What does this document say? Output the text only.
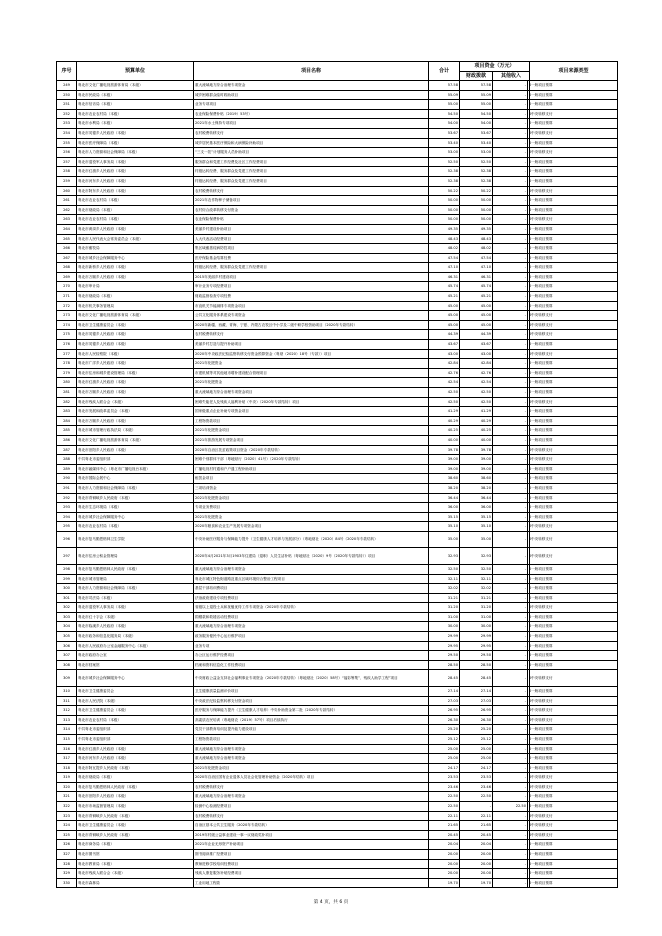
序号	预算单位	项目名称	合计	项目资金（万元）			项目来源类型
				财政拨款	其他收入		
249	粤北市文化广播电视旅游体育局（本级）	重大流域地方综合治理专项资金	57.58	57.58	-	0	一般项目预算
250	粤北市民政局（本级）	城乡困难群众临时救助项目	55.09	55.09	-	0	一般项目预算
251	粤北市信访局（本级）	业务专项项目	55.00	55.00	-	0	一般项目预算
252	粤北市农业农村局（本级）	农业保险保费补贴（2019）53号）	54.50	54.50	-	0	中央转移支付
253	粤北市水利局（本级）	2021年水土保持专项项目	54.00	54.00	-	0	一般项目预算
254	粤北市英德乡人民政府（本级）	农村税费转移支付	53.67	53.67	-	0	中央转移支付
255	粤北市医疗保障局（本级）	城乡居民基本医疗保险和大病保险补助项目	53.40	53.40	-	0	一般项目预算
256	粤北市人力资源和社会保障局（本级）	“三支一扶”计划服务人员补助项目	53.00	53.00	-	0	中央转移支付
257	粤北市退役军人事务局（本级）	服务群众和党建工作经费及社区工作经费项目	52.50	52.50	-	0	一般项目预算
258	粤北市红旗乡人民政府（本级）	村级运转经费、服务群众及党建工作经费项目	52.38	52.38	-	0	一般项目预算
259	粤北市河东乡人民政府（本级）	村级运转经费、服务群众及党建工作经费项目	52.38	52.38	-	0	一般项目预算
260	粤北市阿东乡人民政府（本级）	农村税费转移支付	50.22	50.22	-	0	中央转移支付
261	粤北市农业农村局（本级）	2021年农作物种子储备项目	50.00	50.00	-	0	一般项目预算
262	粤北市财政局（本级）	农村综合改革转移支付资金	50.00	50.00	-	0	一般项目预算
263	粤北市农业农村局（本级）	农业保险保费补贴	50.00	50.00	-	0	中央转移支付
264	粤北市黄岗乡人民政府（本级）	美丽乡村建设补助项目	49.35	49.35	-	0	一般项目预算
265	粤北市人民代表大会常务委员会（本级）	人大代表活动经费项目	48.43	48.43	-	0	一般项目预算
266	粤北市畜牧局	集区域畜禽疫病防控项目	48.02	48.02	-	0	一般项目预算
267	粤北市城乡社会保障服务中心	医疗保险基金结算经费	47.54	47.54	-	0	一般项目预算
268	粤北市新桥乡人民政府（本级）	村级运转经费、服务群众及党建工作经费项目	47.10	47.10	-	0	一般项目预算
269	粤北市万顺乡人民政府（本级）	2015年美丽乡村建设项目	46.31	46.31	-	0	一般项目预算
270	粤北市审计局	审计业务专项经费项目	45.74	45.74	-	0	一般项目预算
271	粤北市财政局（本级）	财政监督检查专项经费	45.21	45.21	-	0	一般项目预算
272	粤北市机关事务管理局	市直机关节能减排专项资金项目	45.00	45.00	-	0	一般项目预算
273	粤北市文化广播电视旅游体育局（本级）	公共文化服务体系建设专项资金	45.00	45.00	-	0	中央转移支付
274	粤北市卫生健康委员会（本级）	2020年新疆、西藏、青海、宁夏、内蒙古农牧区中小学及二级中职学校资助项目（2020年专款结转）	45.00	45.00	-	0	中央转移支付
275	粤北市英德乡人民政府（本级）	农村税费转移支付	44.39	44.39	-	0	中央转移支付
276	粤北市英德乡人民政府（本级）	美丽乡村打造与提升补助项目	43.67	43.67	-	0	一般项目预算
277	粤北市人民检察院（本级）	2020年中央政法纪检监察转移支付资金预算资金（粤财（2020）18号（专款））项目	43.00	43.00	-	0	中央转移支付
278	粤北市广洋乡人民政府（本级）	2021年化肥资金	42.84	42.84	-	0	一般项目预算
279	粤北市住房和城乡建设管理局（本级）	市建机械等对其他地市增补建设配合管理项目	42.76	42.76	-	0	一般项目预算
280	粤北市红旗乡人民政府（本级）	2021年化肥资金	42.54	42.54	-	0	一般项目预算
281	粤北市万顺乡人民政府（本级）	重大流域地方综合治理专项资金项目	42.50	42.50	-	0	一般项目预算
282	粤北市残疾人联合会（本级）	困难失能老人及残疾人福利补贴（中央）（2020年专款结转）项目	42.50	42.50	-	0	中央转移支付
283	粤北市发展和改革委员会（本级）	国家级重点企业补助专项资金项目	41.29	41.29	-	0	一般项目预算
284	粤北市万顺乡人民政府（本级）	工程物资款项目	40.29	40.29	-	0	一般项目预算
285	粤北市城市管理行政执法局（本级）	2021年化肥资金项目	40.25	40.25	-	0	一般项目预算
286	粤北市文化广播电视旅游体育局（本级）	2021年旅游发展专项资金项目	40.00	40.00	-	0	一般项目预算
287	粤北市崇阳乡人民政府（本级）	2020年自治区扶贫政策项目资金（2020年专款结转）	39.78	39.78	-	0	中央转移支付
288	中共粤北市委组织部	困难个别群体干部（粤地财行（2020）41号）（2020年专款结转）	39.00	39.00	-	0	中央转移支付
289	粤北市融媒体中心（粤北市广播电视台本级）	广播电视村村通和户户通工程补助项目	39.00	39.00	-	0	一般项目预算
290	粤北市国际会展中心	租赁金项目	38.60	38.60	-	0	一般项目预算
291	粤北市人力资源和社会保障局（本级）	三项培训资金	38.20	38.20	-	0	一般项目预算
292	粤北市青铜峡乡人民政府（本级）	2021年化肥资金项目	36.44	36.44	-	0	一般项目预算
293	粤北市生态环境局（本级）	专项业务费项目	36.00	36.00	-	0	一般项目预算
294	粤北市城乡社会保障服务中心	2021年化肥资金	35.15	35.15	-	0	一般项目预算
295	粤北市农业农村局（本级）	2020年粮食和农业生产发展专项资金项目	35.10	35.10	-	0	中央转移支付
296	粤北市复马勤恩格林卫生学院	中央补助医疗服务与保障能力提升（卫生健康人才培养与发展部分）（粤地财社（2020）84号（2020年专款结转）	35.00	35.00	-	0	中央转移支付
297	粤北市住房公积金管理局	2020年4月2021年3月1903年住建局（退职）人员生活补贴（粤地财社（2020）9号（2020年专款结转））项目	32.93	32.93	-	0	中央转移支付
298	粤北市复马勤恩格林人民政府（本级）	重大流域地方综合治理专项资金	32.50	32.50	-	0	一般项目预算
299	粤北市城市管理局	粤北市城区特色街道路及重点区域环境综合整治工程项目	32.11	32.11	-	0	一般项目预算
300	粤北市人力资源和社会保障局（本级）	基层干部培训费项目	32.02	32.02	-	0	一般项目预算
301	粤北市司法局（本级）	法治政府建设专项经费项目	31.21	31.21	-	0	一般项目预算
302	粤北市退役军人事务局（本级）	省级以上退役士兵和抚恤优待工作专项资金（2020年专款结转）	31.20	31.20	-	0	中央转移支付
303	粤北市红十字会（本级）	捐赠款和救援活动经费项目	31.00	31.00	-	0	一般项目预算
304	粤北市临溪乡人民政府（本级）	重大流域地方综合治理专项资金	30.00	30.00	-	0	一般项目预算
305	粤北市政务和信息化服务局（本级）	政务服务便民中心运行维护项目	29.99	29.99	-	0	一般项目预算
306	粤北市人民政府办公室金融服务中心（本级）	业务专项	29.95	29.95	-	0	一般项目预算
307	粤北市政府办公室	办公区运行维护经费项目	29.50	29.50	-	0	一般项目预算
308	粤北市档案馆	档案和资料信息化工作经费项目	28.50	28.50	-	0	一般项目预算
309	粤北市城乡社会保障服务中心	中央财政公益金支持社会福利事业专项资金（2020年专款结转）（粤地财社（2020）58号）“福彩筹集”、残疾人助学工程”项目	28.45	28.45	-	0	中央转移支付
310	粤北市卫生健康委员会	卫生健康质量监测评价项目	27.14	27.14	-	0	一般项目预算
311	粤北市人民法院（本级）	中央政法纪检监察转移支付资金项目	27.03	27.03	-	0	中央转移支付
312	粤北市卫生健康委员会（本级）	医疗服务与保障能力提升（卫生健康人才培养）中央补助资金第二批（2020年专款结转）	26.95	26.95	-	0	中央转移支付
313	粤北市农业农村局（本级）	高素质农民培训（粤地财农（2019）57号）项目后续执行	26.30	26.30	-	0	中央转移支付
314	中共粤北市委组织部	党员干部教育培训及提升能力建设项目	25.20	25.20	-	0	一般项目预算
315	中共粤北市委组织部	工程物资款项目	25.12	25.12	-	0	一般项目预算
316	粤北市红旗乡人民政府（本级）	重大流域地方综合治理专项资金	25.00	25.00	-	0	一般项目预算
317	粤北市河东乡人民政府（本级）	重大流域地方综合治理专项资金	25.00	25.00	-	0	一般项目预算
318	粤北市阿瓦提乡人民政府（本级）	2021年化肥资金项目	24.17	24.17	-	0	一般项目预算
319	粤北市财政局（本级）	2020年自治区国有企业退休人员社会化管理补助资金（2020年结转）项目	23.53	23.53	-	0	中央转移支付
320	粤北市复马勤恩格林人民政府（本级）	农村税费转移支付	23.46	23.46	-	0	中央转移支付
321	粤北市崇阳乡人民政府（本级）	重大流域地方综合治理专项资金	22.50	22.50	-	0	一般项目预算
322	粤北市市场监督管理局（本级）	检测中心检测经费项目	22.50	-	22.50	0	一般项目预算
323	粤北市青铜峡乡人民政府（本级）	农村税费转移支付	22.11	22.11	-	0	中央转移支付
324	粤北市卫生健康委员会（本级）	自治区基本公共卫生服务（2020年专款结转）	21.65	21.65	-	0	中央转移支付
325	粤北市青铜峡乡人民政府（本级）	2019年村级公益事业建设一事一议财政奖补项目	20.45	20.45	-	0	中央转移支付
326	粤北市商务局（本级）	2021年企业无形资产补助项目	20.04	20.04	-	0	一般项目预算
327	粤北市图书馆	图书阅读推广经费项目	20.00	20.00	-	0	一般项目预算
328	粤北市教育局（本级）	教师进修学校培训经费项目	20.00	20.00	-	0	一般项目预算
329	粤北市残疾人联合会（本级）	残疾人康复服务补贴经费项目	20.00	20.00	-	0	一般项目预算
330	粤北市森林局	工业用地工程款	19.70	19.70	-	0	一般项目预算
第 4 页，共 6 页
